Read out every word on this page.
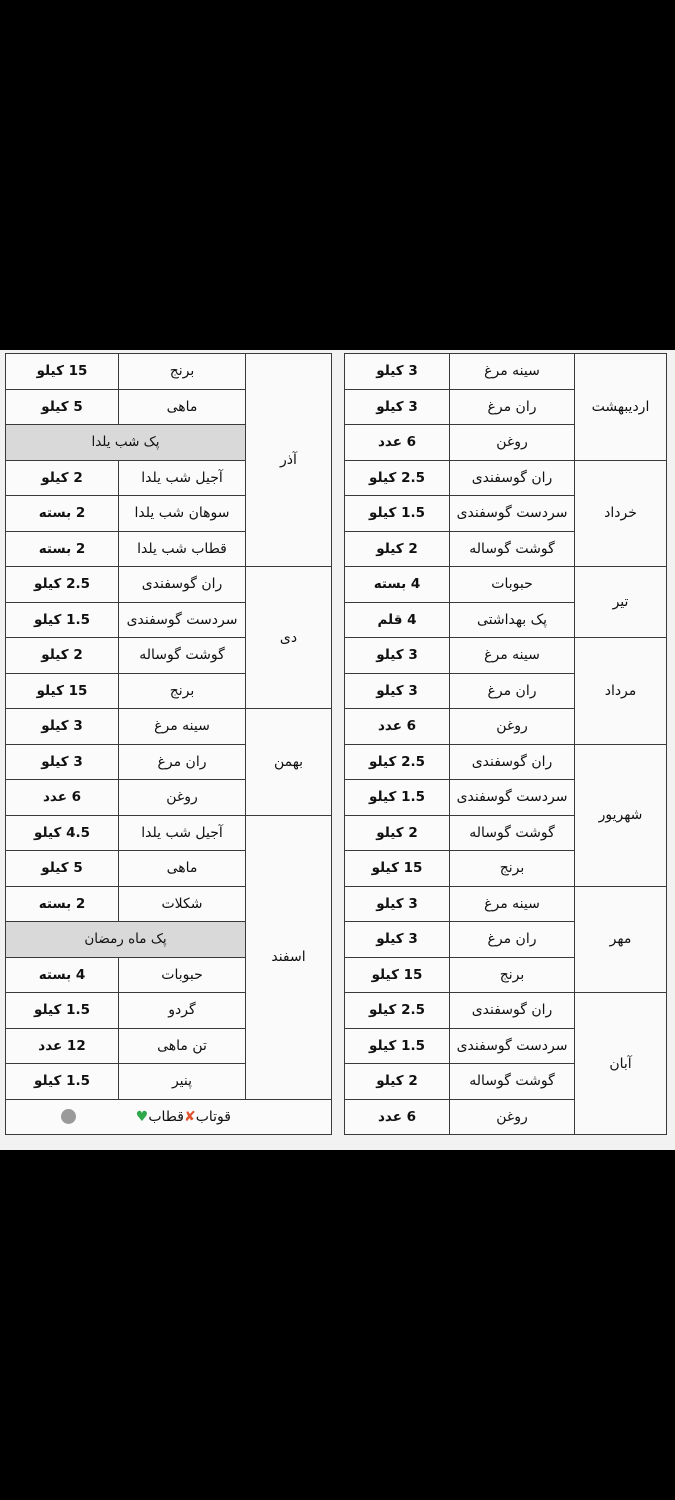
اردیبهشت	سینه مرغ	3 کیلو
	ران مرغ	3 کیلو
	روغن	6 عدد
خرداد	ران گوسفندی	2.5 کیلو
	سردست گوسفندی	1.5 کیلو
	گوشت گوساله	2 کیلو
تیر	حبوبات	4 بسته
	پک بهداشتی	4 قلم
مرداد	سینه مرغ	3 کیلو
	ران مرغ	3 کیلو
	روغن	6 عدد
شهریور	ران گوسفندی	2.5 کیلو
	سردست گوسفندی	1.5 کیلو
	گوشت گوساله	2 کیلو
	برنج	15 کیلو
مهر	سینه مرغ	3 کیلو
	ران مرغ	3 کیلو
	برنج	15 کیلو
آبان	ران گوسفندی	2.5 کیلو
	سردست گوسفندی	1.5 کیلو
	گوشت گوساله	2 کیلو
	روغن	6 عدد
آذر	برنج	15 کیلو
	ماهی	5 کیلو
	پک شب یلدا	
	آجیل شب یلدا	2 کیلو
	سوهان شب یلدا	2 بسته
	قطاب شب یلدا	2 بسته
دی	ران گوسفندی	2.5 کیلو
	سردست گوسفندی	1.5 کیلو
	گوشت گوساله	2 کیلو
	برنج	15 کیلو
بهمن	سینه مرغ	3 کیلو
	ران مرغ	3 کیلو
	روغن	6 عدد
اسفند	آجیل شب یلدا	4.5 کیلو
	ماهی	5 کیلو
	شکلات	2 بسته
	پک ماه رمضان	
	حبوبات	4 بسته
	گردو	1.5 کیلو
	تن ماهی	12 عدد
	پنیر	1.5 کیلو
قوتاب✘قطاب♥		
